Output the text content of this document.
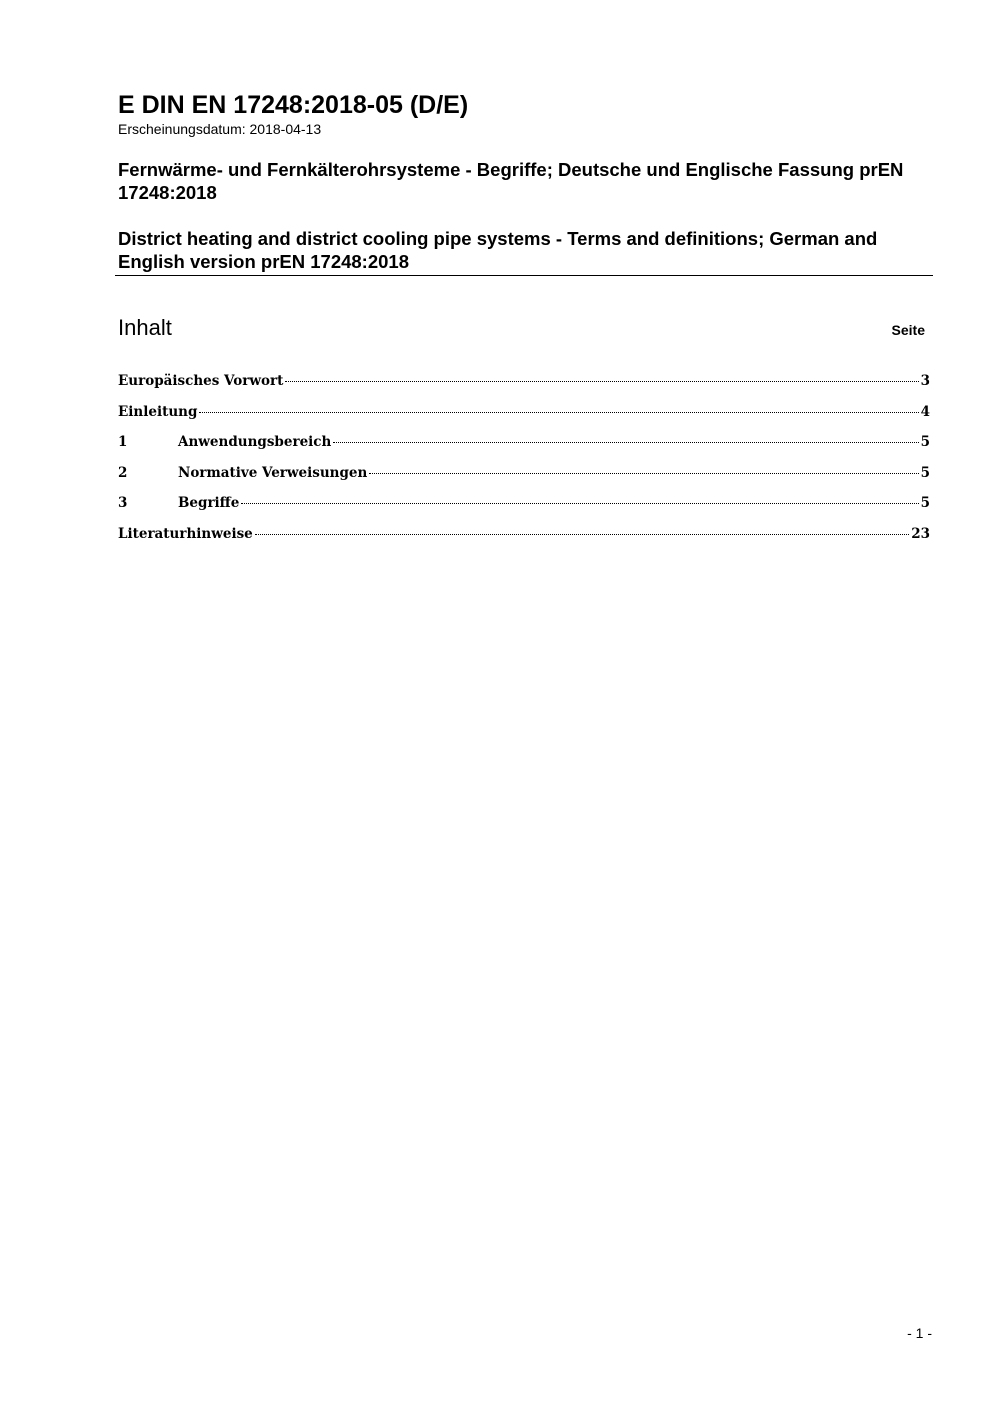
E DIN EN 17248:2018-05 (D/E)
Erscheinungsdatum: 2018-04-13
Fernwärme- und Fernkälterohrsysteme - Begriffe; Deutsche und Englische Fassung prEN 17248:2018
District heating and district cooling pipe systems - Terms and definitions; German and English version prEN 17248:2018
Inhalt	Seite
Europäisches Vorwort	3
Einleitung	4
1	Anwendungsbereich	5
2	Normative Verweisungen	5
3	Begriffe	5
Literaturhinweise	23
- 1 -
